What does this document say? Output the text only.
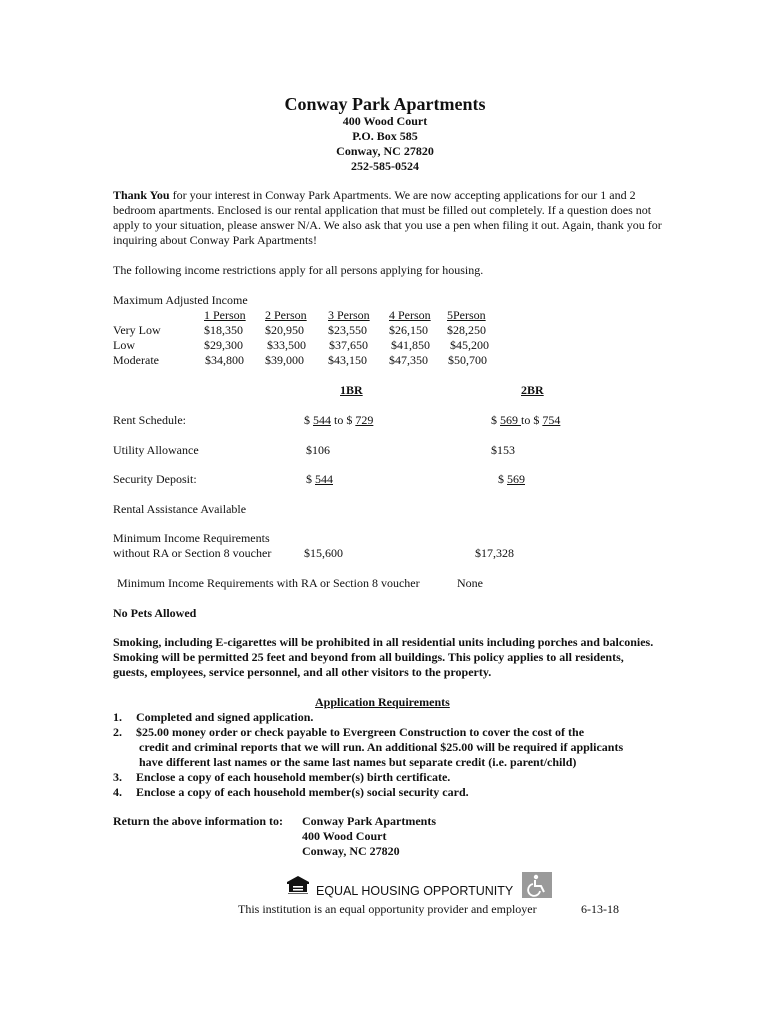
Conway Park Apartments
400 Wood Court
P.O. Box 585
Conway, NC 27820
252-585-0524
Thank You for your interest in Conway Park Apartments. We are now accepting applications for our 1 and 2 bedroom apartments. Enclosed is our rental application that must be filled out completely. If a question does not apply to your situation, please answer N/A. We also ask that you use a pen when filing it out. Again, thank you for inquiring about Conway Park Apartments!
The following income restrictions apply for all persons applying for housing.
Maximum Adjusted Income
1 Person 2 Person 3 Person 4 Person 5Person
Very Low	$18,350 $20,950 $23,550 $26,150 $28,250
Low	$29,300 $33,500 $37,650 $41,850 $45,200
Moderate	$34,800 $39,000 $43,150 $47,350 $50,700
1BR	2BR
Rent Schedule:	$ 544 to $ 729	$ 569 to $ 754
Utility Allowance	$106	$153
Security Deposit:	$ 544	$ 569
Rental Assistance Available
Minimum Income Requirements
without RA or Section 8 voucher	$15,600	$17,328
Minimum Income Requirements with RA or Section 8 voucher	None
No Pets Allowed
Smoking, including E-cigarettes will be prohibited in all residential units including porches and balconies. Smoking will be permitted 25 feet and beyond from all buildings. This policy applies to all residents, guests, employees, service personnel, and all other visitors to the property.
Application Requirements
1. Completed and signed application.
2. $25.00 money order or check payable to Evergreen Construction to cover the cost of the
credit and criminal reports that we will run. An additional $25.00 will be required if applicants
have different last names or the same last names but separate credit (i.e. parent/child)
3. Enclose a copy of each household member(s) birth certificate.
4. Enclose a copy of each household member(s) social security card.
Return the above information to: Conway Park Apartments
400 Wood Court
Conway, NC 27820
EQUAL HOUSING OPPORTUNITY
This institution is an equal opportunity provider and employer	6-13-18
